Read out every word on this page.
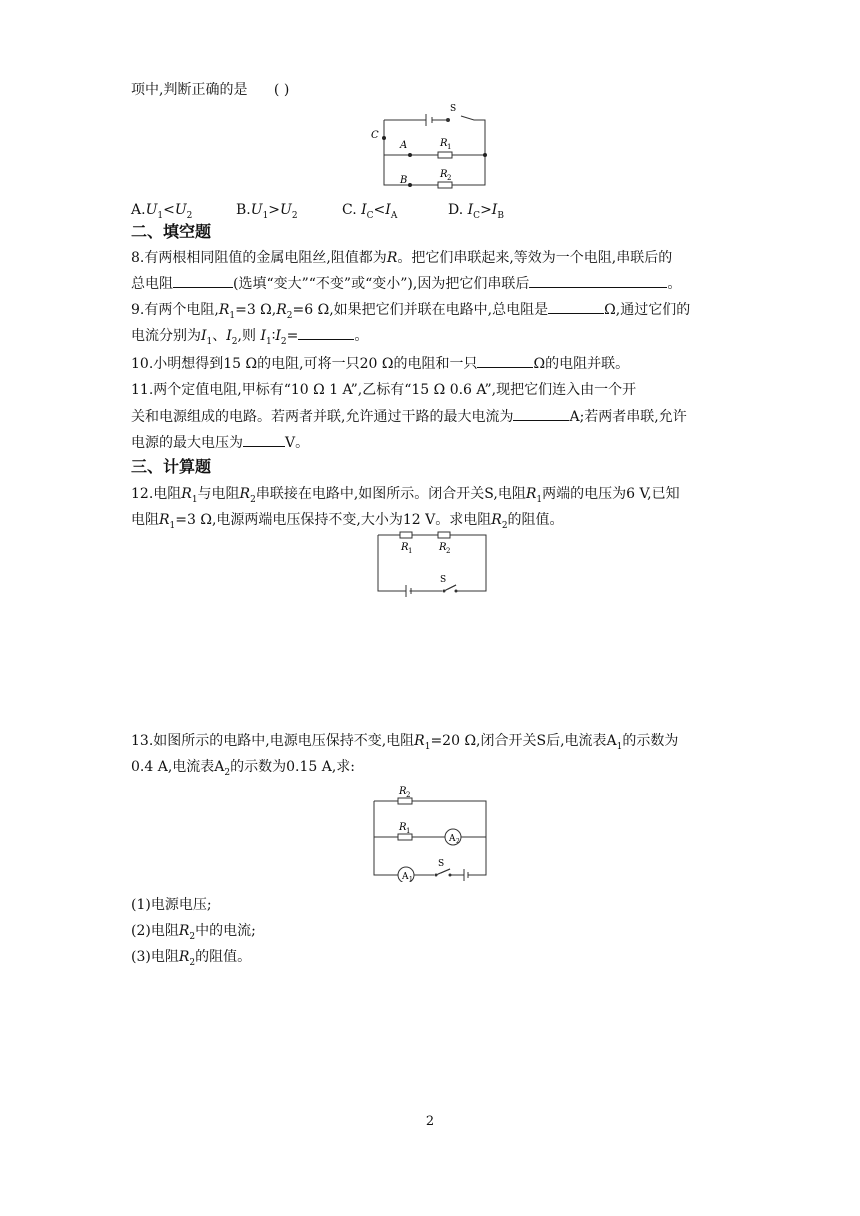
项中,判断正确的是 ( )
S
C
A
B
R 1
R 2
$A.U_1<U_2$	$B.U_1>U_2$	C. $I_C<I_A$	D. $I_C>I_B$
二、填空题
8.有两根相同阻值的金属电阻丝,阻值都为R。把它们串联起来,等效为一个电阻,串联后的
总电阻	(选填“变大”“不变”或“变小”),因为把它们串联后	。
9.有两个电阻$,R_1=3$ $\Omega,R_2=6$ Ω,如果把它们并联在电路中,总电阻是	Ω,通过它们的
电流分别为$I_1$、$I_2$,则 $I_1∶I_2=$	。
10.小明想得到15 Ω的电阻,可将一只20 Ω的电阻和一只	Ω的电阻并联。
11.两个定值电阻,甲标有“10 Ω 1 A”,乙标有“15 Ω 0.6 A”,现把它们连入由一个开
关和电源组成的电路。若两者并联,允许通过干路的最大电流为	A;若两者串联,允许
电源的最大电压为	V。
三、计算题
12.电阻$R_1$与电阻$R_2$串联接在电路中,如图所示。闭合开关S,电阻$R_1$两端的电压为6 V,已知
电阻$R_1=3$ Ω,电源两端电压保持不变,大小为12 V。求电阻$R_2$的阻值。
R 1	R 2
S
13.如图所示的电路中,电源电压保持不变,电阻$R_1=20$ Ω,闭合开关S后,电流表$A_1$的示数为
0.4 A,电流表$A_2$的示数为0.15 A,求:
R 2
R 1
A 2
A 1
S
(1)电源电压;
(2)电阻$R_2$中的电流;
(3)电阻$R_2$的阻值。
2
